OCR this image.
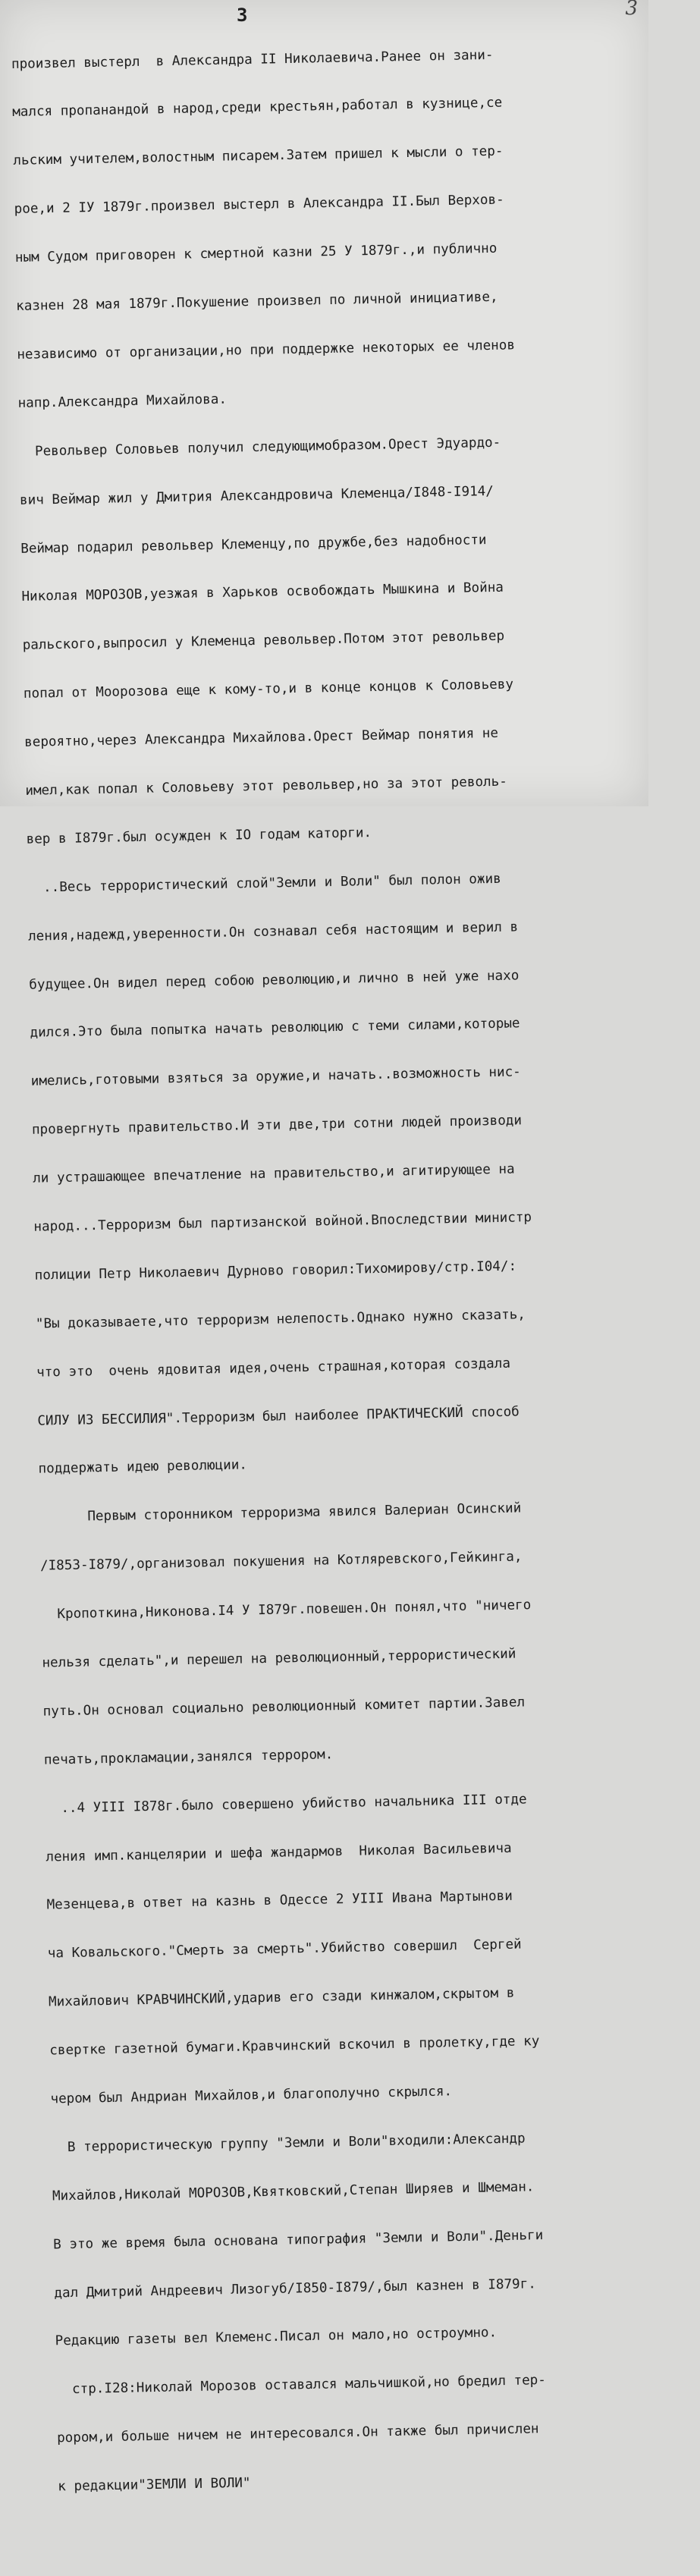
3	3

произвел выстерл  в Александра II Николаевича.Ранее он зани-

мался пропанандой в народ,среди крестьян,работал в кузнице,се

льским учителем,волостным писарем.Затем пришел к мысли о тер-

рое,и 2 IУ 1879г.произвел выстерл в Александра II.Был Верхов-

ным Судом приговорен к смертной казни 25 У 1879г.,и публично

казнен 28 мая 1879г.Покушение произвел по личной инициативе,

независимо от организации,но при поддержке некоторых ее членов

напр.Александра Михайлова.

Револьвер Соловьев получил следующимобразом.Орест Эдуардо-

вич Веймар жил у Дмитрия Александровича Клеменца/I848-I914/

Веймар подарил револьвер Клеменцу,по дружбе,без надобности

Николая МОРОЗОВ,уезжая в Харьков освобождать Мышкина и Война

ральского,выпросил у Клеменца револьвер.Потом этот револьвер

попал от Моорозова еще к кому-то,и в конце концов к Соловьеву

вероятно,через Александра Михайлова.Орест Веймар понятия не

имел,как попал к Соловьеву этот револьвер,но за этот револь-

вер в I879г.был осужден к IO годам каторги.

..Весь террористический слой"Земли и Воли" был полон ожив

ления,надежд,уверенности.Он сознавал себя настоящим и верил в

будущее.Он видел перед собою революцию,и лично в ней уже нахо

дился.Это была попытка начать революцию с теми силами,которые

имелись,готовыми взяться за оружие,и начать..возможность нис-

провергнуть правительство.И эти две,три сотни людей производи

ли устрашающее впечатление на правительство,и агитирующее на

народ...Терроризм был партизанской войной.Впоследствии министр

полиции Петр Николаевич Дурново говорил:Тихомирову/стр.I04/:

"Вы доказываете,что терроризм нелепость.Однако нужно сказать,

что это  очень ядовитая идея,очень страшная,которая создала

СИЛУ ИЗ БЕССИЛИЯ".Терроризм был наиболее ПРАКТИЧЕСКИЙ способ

поддержать идею революции.

Первым сторонником терроризма явился Валериан Осинский

/I853-I879/,организовал покушения на Котляревского,Гейкинга,

Кропоткина,Никонова.I4 У I879г.повешен.Он понял,что "ничего

нельзя сделать",и перешел на революционный,террористический

путь.Он основал социально революционный комитет партии.Завел

печать,прокламации,занялся террором.

..4 УIII I878г.было совершено убийство начальника III отде

ления имп.канцелярии и шефа жандармов  Николая Васильевича

Мезенцева,в ответ на казнь в Одессе 2 УIII Ивана Мартынови

ча Ковальского."Смерть за смерть".Убийство совершил  Сергей

Михайлович КРАВЧИНСКИЙ,ударив его сзади кинжалом,скрытом в

свертке газетной бумаги.Кравчинский вскочил в пролетку,где ку

чером был Андриан Михайлов,и благополучно скрылся.

В террористическую группу "Земли и Воли"входили:Александр

Михайлов,Николай МОРОЗОВ,Квятковский,Степан Ширяев и Шмеман.

В это же время была основана типография "Земли и Воли".Деньги

дал Дмитрий Андреевич Лизогуб/I850-I879/,был казнен в I879г.

Редакцию газеты вел Клеменс.Писал он мало,но остроумно.

стр.I28:Николай Морозов оставался мальчишкой,но бредил тер-

рором,и больше ничем не интересовался.Он также был причислен

к редакции"ЗЕМЛИ И ВОЛИ"
